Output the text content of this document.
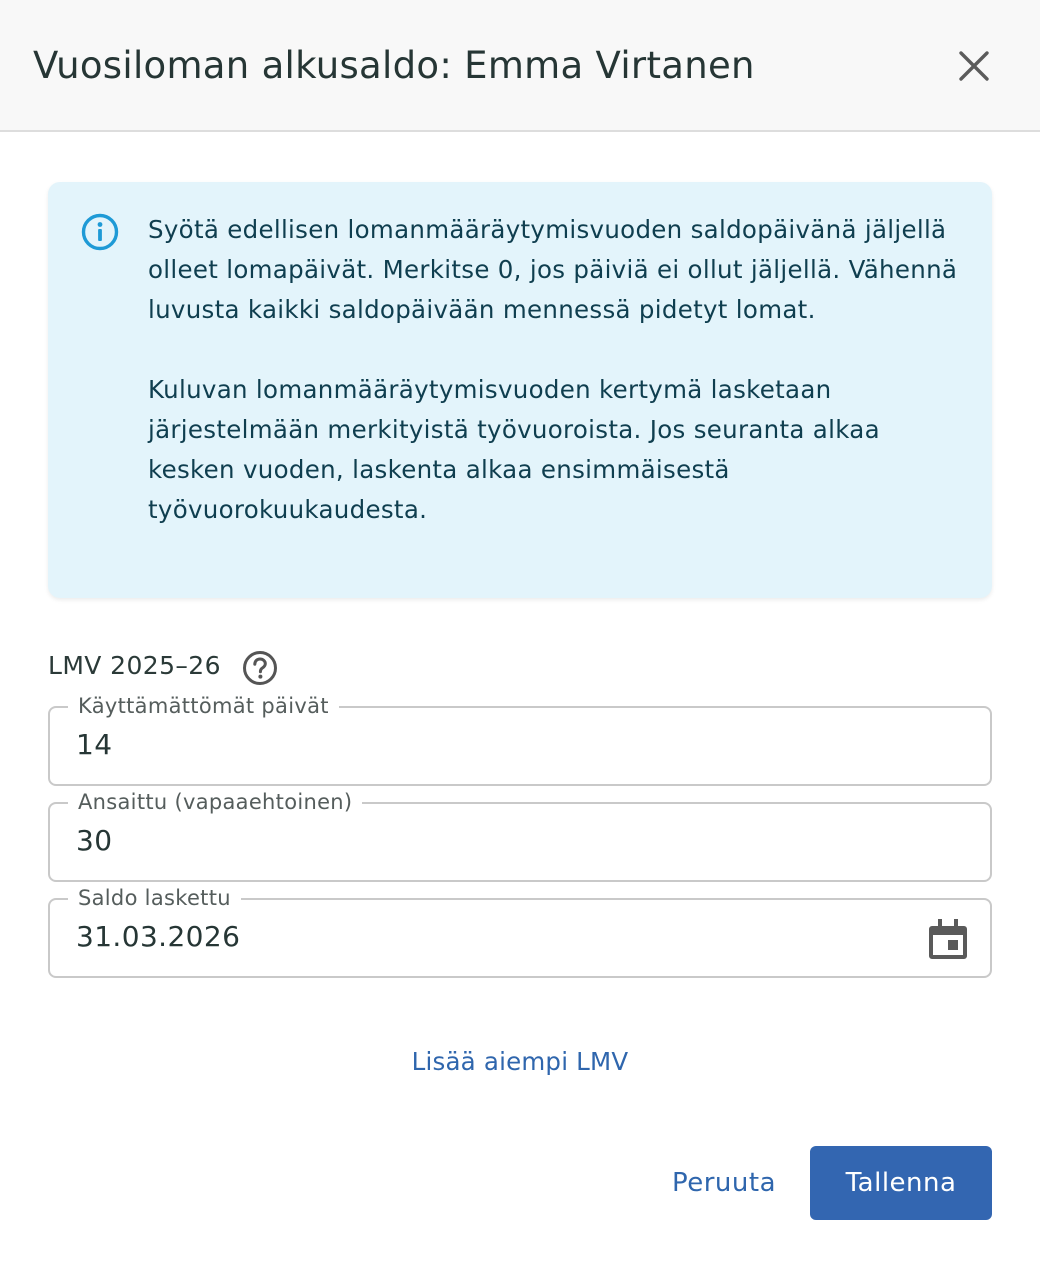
Vuosiloman alkusaldo: Emma Virtanen

Syötä edellisen lomanmääräytymisvuoden saldopäivänä jäljellä olleet lomapäivät. Merkitse 0, jos päiviä ei ollut jäljellä. Vähennä luvusta kaikki saldopäivään mennessä pidetyt lomat.

Kuluvan lomanmääräytymisvuoden kertymä lasketaan järjestelmään merkityistä työvuoroista. Jos seuranta alkaa kesken vuoden, laskenta alkaa ensimmäisestä työvuorokuukaudesta.

LMV 2025–26
Käyttämättömät päivät
14
Ansaittu (vapaaehtoinen)
30
Saldo laskettu
31.03.2026
Lisää aiempi LMV
Peruuta	Tallenna
